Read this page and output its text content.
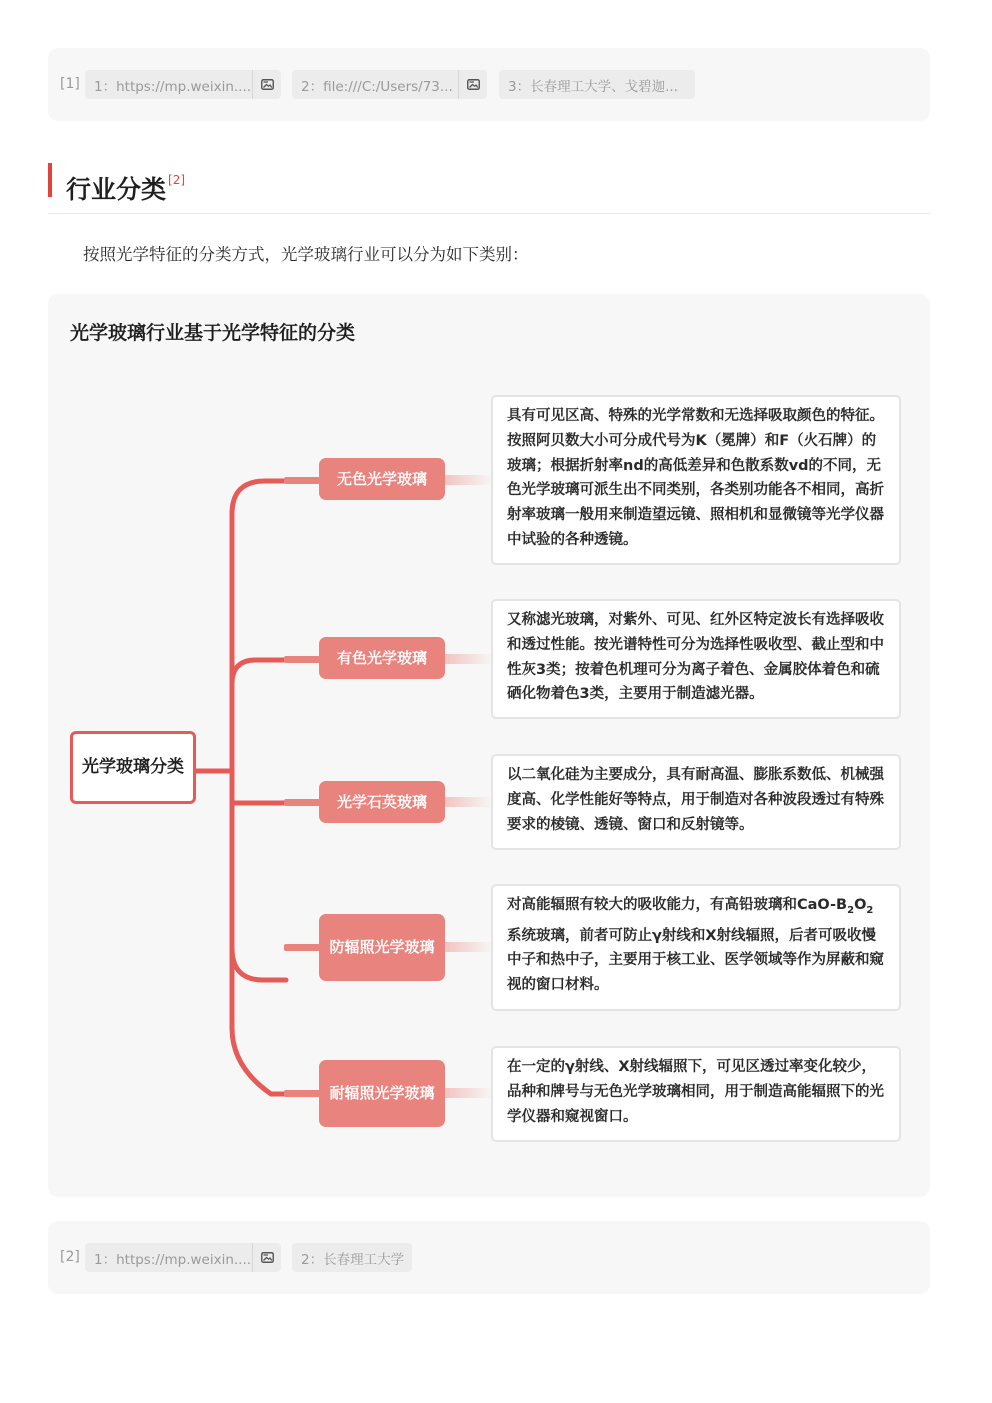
[1] 1：https://mp.weixin....	2：file:///C:/Users/73...	3：长春理工大学、戈碧迦...
行业分类 [2]
按照光学特征的分类方式，光学玻璃行业可以分为如下类别：
光学玻璃行业基于光学特征的分类
光学玻璃分类
无色光学玻璃
有色光学玻璃
光学石英玻璃
防辐照光学玻璃
耐辐照光学玻璃
具有可见区高、特殊的光学常数和无选择吸取颜色的特征。按照阿贝数大小可分成代号为K（冕牌）和F（火石牌）的玻璃；根据折射率nd的高低差异和色散系数vd的不同，无色光学玻璃可派生出不同类别，各类别功能各不相同，高折射率玻璃一般用来制造望远镜、照相机和显微镜等光学仪器中试验的各种透镜。
又称滤光玻璃，对紫外、可见、红外区特定波长有选择吸收和透过性能。按光谱特性可分为选择性吸收型、截止型和中性灰3类；按着色机理可分为离子着色、金属胶体着色和硫硒化物着色3类，主要用于制造滤光器。
以二氧化硅为主要成分，具有耐高温、膨胀系数低、机械强度高、化学性能好等特点，用于制造对各种波段透过有特殊要求的棱镜、透镜、窗口和反射镜等。
对高能辐照有较大的吸收能力，有高铅玻璃和CaO-$B_2O_2$系统玻璃，前者可防止γ射线和X射线辐照，后者可吸收慢中子和热中子，主要用于核工业、医学领域等作为屏蔽和窥视的窗口材料。
在一定的γ射线、X射线辐照下，可见区透过率变化较少，品种和牌号与无色光学玻璃相同，用于制造高能辐照下的光学仪器和窥视窗口。
[2] 1：https://mp.weixin....	2：长春理工大学
